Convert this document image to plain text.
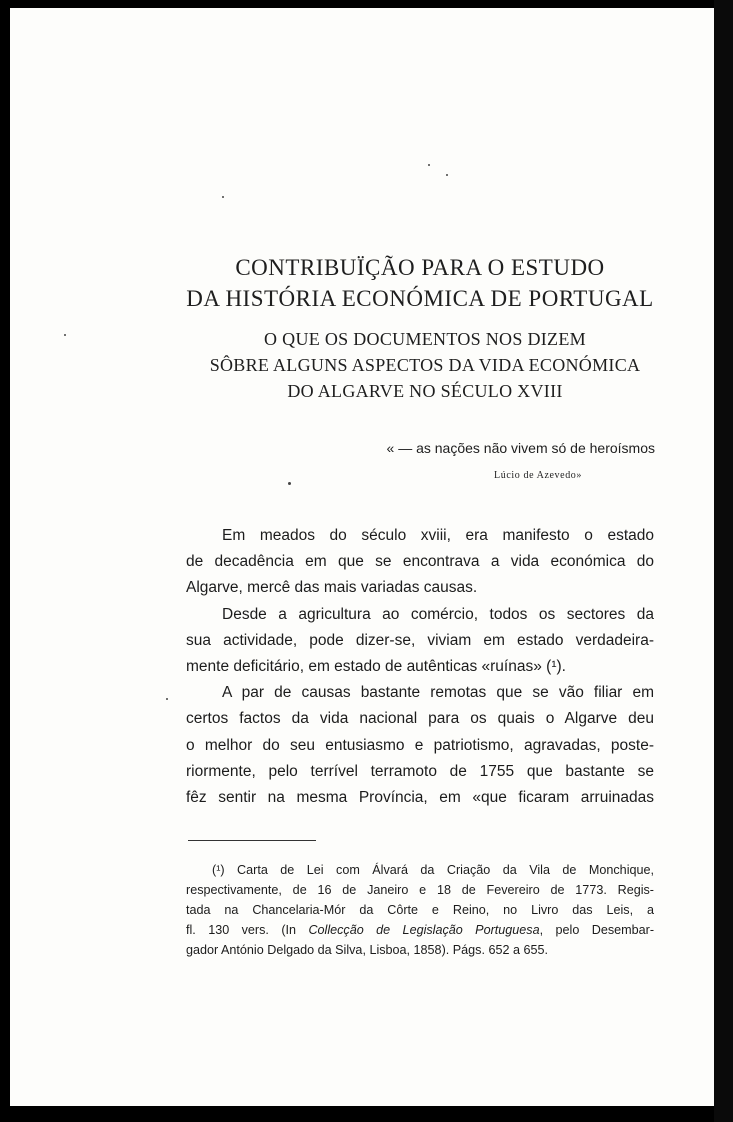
CONTRIBUÏÇÃO PARA O ESTUDO
DA HISTÓRIA ECONÓMICA DE PORTUGAL
O QUE OS DOCUMENTOS NOS DIZEM
SÔBRE ALGUNS ASPECTOS DA VIDA ECONÓMICA
DO ALGARVE NO SÉCULO XVIII
« — as nações não vivem só de heroísmos
Lúcio de Azevedo»

Em meados do século xviii, era manifesto o estado

de decadência em que se encontrava a vida económica do

Algarve, mercê das mais variadas causas.

Desde a agricultura ao comércio, todos os sectores da

sua actividade, pode dizer-se, viviam em estado verdadeira-

mente deficitário, em estado de autênticas «ruínas» (¹).

A par de causas bastante remotas que se vão filiar em

certos factos da vida nacional para os quais o Algarve deu

o melhor do seu entusiasmo e patriotismo, agravadas, poste-

riormente, pelo terrível terramoto de 1755 que bastante se

fêz sentir na mesma Província, em «que ficaram arruinadas

(¹) Carta de Lei com Álvará da Criação da Vila de Monchique,
respectivamente, de 16 de Janeiro e 18 de Fevereiro de 1773. Regis-
tada na Chancelaria-Mór da Côrte e Reino, no Livro das Leis, a
fl. 130 vers. (In Collecção de Legislação Portuguesa, pelo Desembar-
gador António Delgado da Silva, Lisboa, 1858). Págs. 652 a 655.
